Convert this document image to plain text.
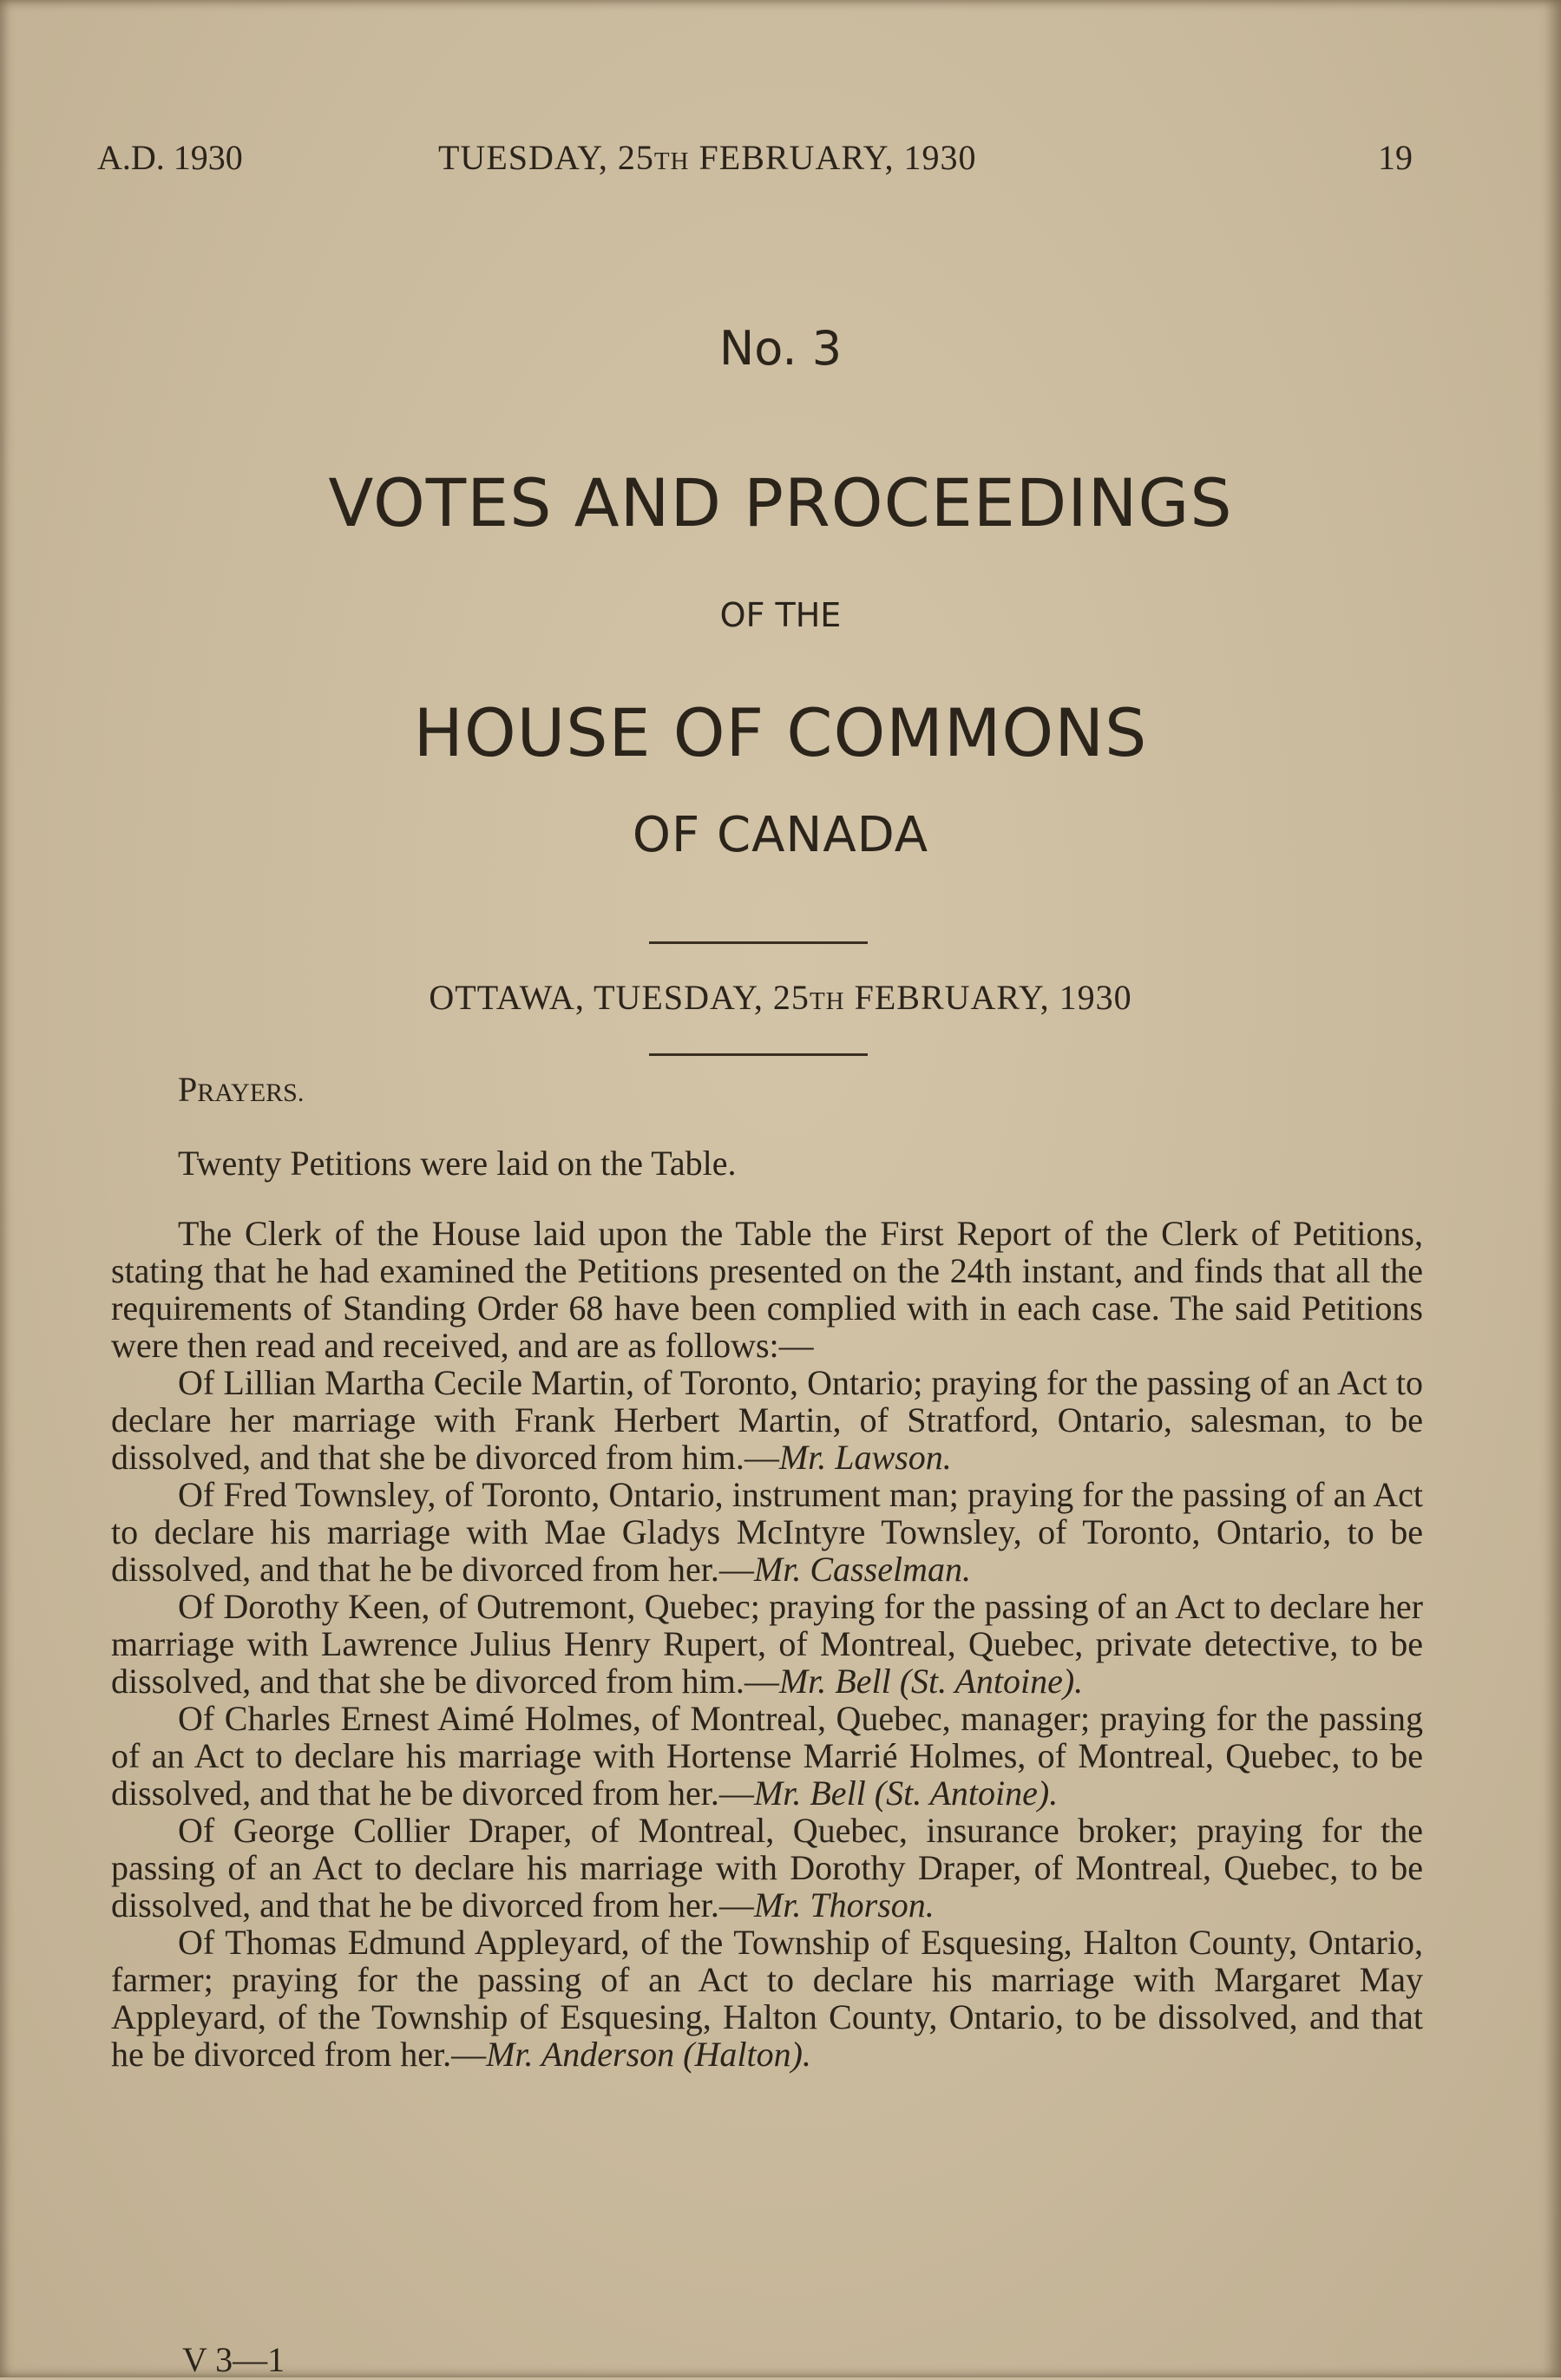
A.D. 1930	TUESDAY, 25TH FEBRUARY, 1930	19
No. 3
VOTES AND PROCEEDINGS
OF THE
HOUSE OF COMMONS
OF CANADA
OTTAWA, TUESDAY, 25TH FEBRUARY, 1930
PRAYERS.
Twenty Petitions were laid on the Table.

The Clerk of the House laid upon the Table the First Report of the Clerk of Petitions, stating that he had examined the Petitions presented on the 24th instant, and finds that all the requirements of Standing Order 68 have been complied with in each case. The said Petitions were then read and received, and are as follows:—

Of Lillian Martha Cecile Martin, of Toronto, Ontario; praying for the passing of an Act to declare her marriage with Frank Herbert Martin, of Stratford, Ontario, salesman, to be dissolved, and that she be divorced from him.—Mr. Lawson.

Of Fred Townsley, of Toronto, Ontario, instrument man; praying for the passing of an Act to declare his marriage with Mae Gladys McIntyre Townsley, of Toronto, Ontario, to be dissolved, and that he be divorced from her.—Mr. Casselman.

Of Dorothy Keen, of Outremont, Quebec; praying for the passing of an Act to declare her marriage with Lawrence Julius Henry Rupert, of Montreal, Quebec, private detective, to be dissolved, and that she be divorced from him.—Mr. Bell (St. Antoine).

Of Charles Ernest Aimé Holmes, of Montreal, Quebec, manager; praying for the passing of an Act to declare his marriage with Hortense Marrié Holmes, of Montreal, Quebec, to be dissolved, and that he be divorced from her.—Mr. Bell (St. Antoine).

Of George Collier Draper, of Montreal, Quebec, insurance broker; praying for the passing of an Act to declare his marriage with Dorothy Draper, of Montreal, Quebec, to be dissolved, and that he be divorced from her.—Mr. Thorson.

Of Thomas Edmund Appleyard, of the Township of Esquesing, Halton County, Ontario, farmer; praying for the passing of an Act to declare his marriage with Margaret May Appleyard, of the Township of Esquesing, Halton County, Ontario, to be dissolved, and that he be divorced from her.—Mr. Anderson (Halton).

V 3—1
